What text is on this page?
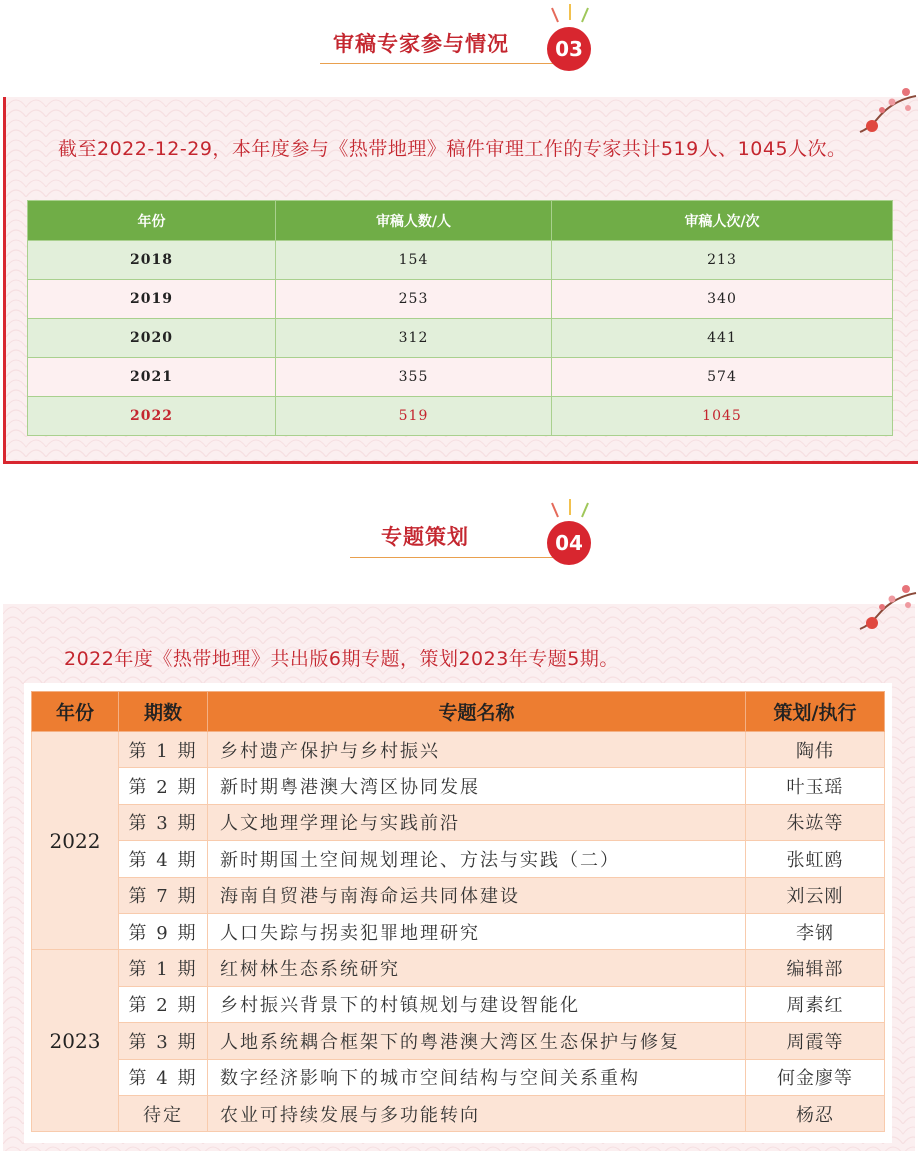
审稿专家参与情况	03
截至2022-12-29，本年度参与《热带地理》稿件审理工作的专家共计519人、1045人次。
年份	审稿人数/人	审稿人次/次
2018	154	213
2019	253	340
2020	312	441
2021	355	574
2022	519	1045
专题策划	04
2022年度《热带地理》共出版6期专题，策划2023年专题5期。
年份	期数	专题名称	策划/执行
2022	第 1 期	乡村遗产保护与乡村振兴	陶伟
	第 2 期	新时期粤港澳大湾区协同发展	叶玉瑶
	第 3 期	人文地理学理论与实践前沿	朱竑等
	第 4 期	新时期国土空间规划理论、方法与实践（二）	张虹鸥
	第 7 期	海南自贸港与南海命运共同体建设	刘云刚
	第 9 期	人口失踪与拐卖犯罪地理研究	李钢
2023	第 1 期	红树林生态系统研究	编辑部
	第 2 期	乡村振兴背景下的村镇规划与建设智能化	周素红
	第 3 期	人地系统耦合框架下的粤港澳大湾区生态保护与修复	周霞等
	第 4 期	数字经济影响下的城市空间结构与空间关系重构	何金廖等
	待定	农业可持续发展与多功能转向	杨忍
